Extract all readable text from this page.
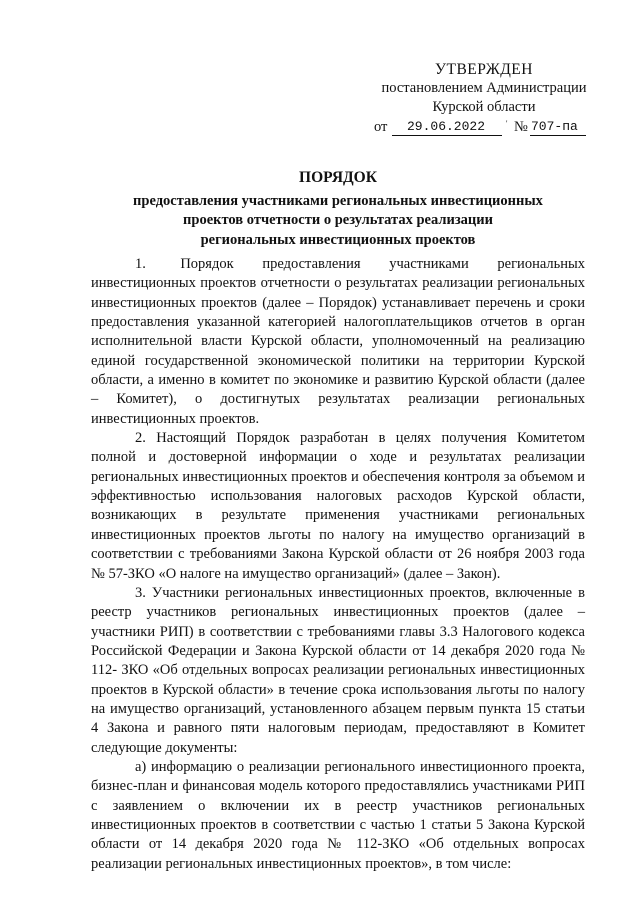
УТВЕРЖДЕН
постановлением Администрации
Курской области
от	29.06.2022	' № 707-па
ПОРЯДОК
предоставления участниками региональных инвестиционных
проектов отчетности о результатах реализации
региональных инвестиционных проектов

1.      Порядок     предоставления     участниками     региональных инвестиционных проектов отчетности о результатах реализации региональных  инвестиционных проектов (далее – Порядок) устанавливает перечень и сроки предоставления указанной категорией налогоплательщиков отчетов в орган исполнительной власти Курской области, уполномоченный на реализацию единой государственной экономической политики на территории Курской области, а именно в комитет по экономике и развитию Курской области (далее – Комитет), о достигнутых результатах реализации региональных инвестиционных проектов.

2. Настоящий Порядок разработан в целях получения Комитетом полной и достоверной информации о ходе и результатах реализации региональных инвестиционных проектов и обеспечения контроля за объемом и эффективностью использования налоговых расходов Курской области, возникающих в результате применения участниками региональных инвестиционных проектов льготы по налогу на имущество организаций в соответствии с требованиями Закона Курской области от 26 ноября 2003 года № 57-ЗКО «О налоге на имущество организаций» (далее – Закон).

3. Участники региональных инвестиционных проектов, включенные в реестр участников региональных инвестиционных проектов (далее – участники РИП) в соответствии с требованиями главы 3.3 Налогового кодекса Российской Федерации и Закона Курской области от 14 декабря 2020 года № 112- ЗКО «Об отдельных вопросах реализации региональных инвестиционных проектов в Курской области» в течение срока использования льготы по налогу на имущество организаций, установленного абзацем первым пункта 15 статьи 4 Закона и равного пяти налоговым периодам, предоставляют в Комитет следующие документы:

а) информацию о реализации регионального инвестиционного проекта, бизнес-план и финансовая модель которого предоставлялись участниками РИП с заявлением о включении их в реестр участников региональных инвестиционных проектов в соответствии с частью 1 статьи 5 Закона Курской области от 14 декабря 2020 года № 112-ЗКО «Об отдельных вопросах реализации региональных инвестиционных проектов», в том числе:
